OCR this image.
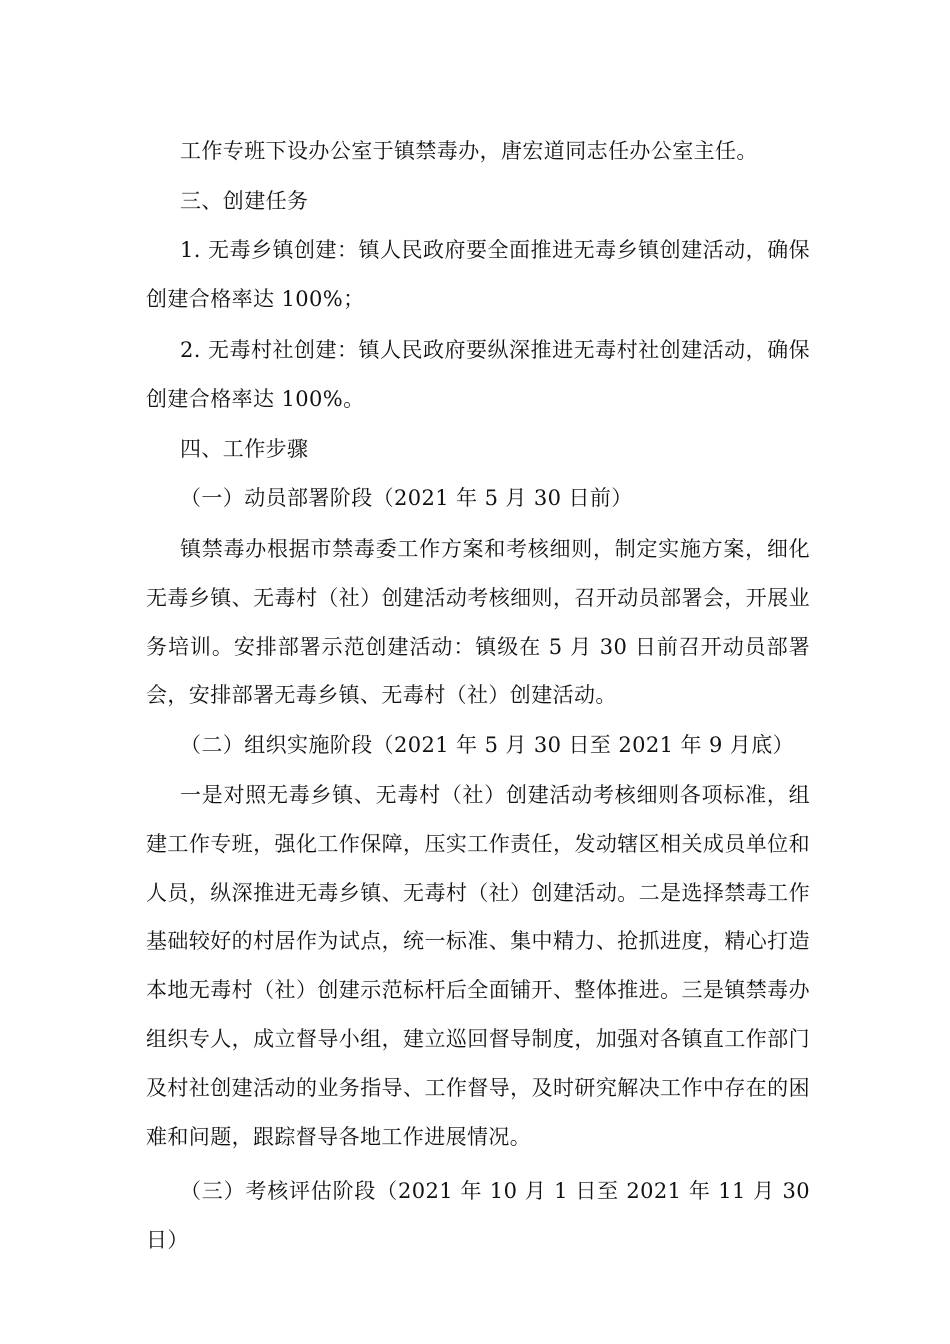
工作专班下设办公室于镇禁毒办，唐宏道同志任办公室主任。

三、创建任务

1. 无毒乡镇创建：镇人民政府要全面推进无毒乡镇创建活动，确保创建合格率达 100%；

2. 无毒村社创建：镇人民政府要纵深推进无毒村社创建活动，确保创建合格率达 100%。

四、工作步骤

（一）动员部署阶段（2021 年 5 月 30 日前）

镇禁毒办根据市禁毒委工作方案和考核细则，制定实施方案，细化无毒乡镇、无毒村（社）创建活动考核细则，召开动员部署会，开展业务培训。安排部署示范创建活动：镇级在 5 月 30 日前召开动员部署会，安排部署无毒乡镇、无毒村（社）创建活动。

（二）组织实施阶段（2021 年 5 月 30 日至 2021 年 9 月底）

一是对照无毒乡镇、无毒村（社）创建活动考核细则各项标准，组建工作专班，强化工作保障，压实工作责任，发动辖区相关成员单位和人员，纵深推进无毒乡镇、无毒村（社）创建活动。二是选择禁毒工作基础较好的村居作为试点，统一标准、集中精力、抢抓进度，精心打造本地无毒村（社）创建示范标杆后全面铺开、整体推进。三是镇禁毒办组织专人，成立督导小组，建立巡回督导制度，加强对各镇直工作部门及村社创建活动的业务指导、工作督导，及时研究解决工作中存在的困难和问题，跟踪督导各地工作进展情况。

（三）考核评估阶段（2021 年 10 月 1 日至 2021 年 11 月 30 日）
